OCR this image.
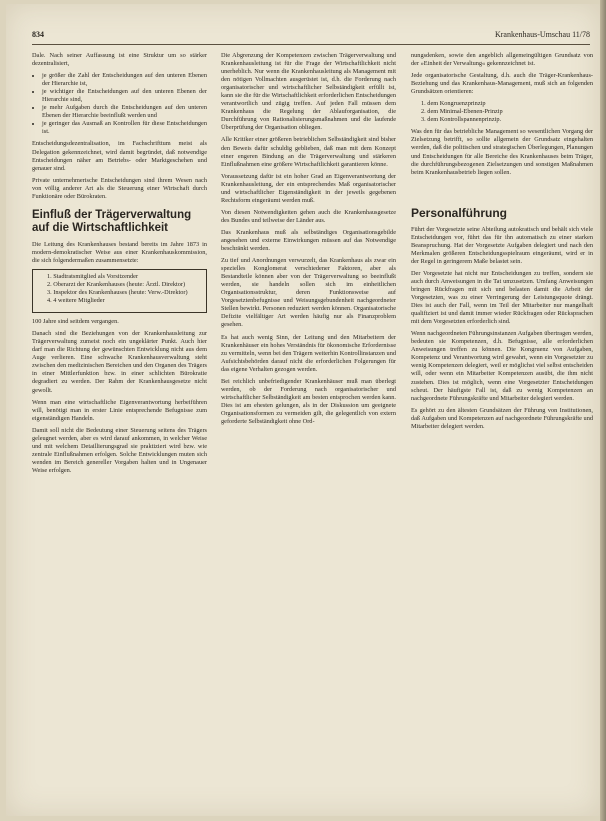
834	Krankenhaus-Umschau 11/78

Dale. Nach seiner Auffassung ist eine Struktur um so stärker dezentralisiert,

• je größer die Zahl der Entscheidungen auf den unteren Ebenen der Hierarchie ist,
• je wichtiger die Entscheidungen auf den unteren Ebenen der Hierarchie sind,
• je mehr Aufgaben durch die Entscheidungen auf den unteren Ebenen der Hierarchie beeinflußt werden und
• je geringer das Ausmaß an Kontrollen für diese Entscheidungen ist.

Entscheidungsdezentralisation, im Fachschrifttum meist als Delegation gekennzeichnet, wird damit begründet, daß notwendige Entscheidungen näher am Betriebs- oder Marktgeschehen und genauer sind.

Private unternehmerische Entscheidungen sind ihrem Wesen nach von völlig anderer Art als die Steuerung einer Wirtschaft durch Funktionäre oder Bürokraten.

Einfluß der Trägerverwaltung auf die Wirtschaftlichkeit

Die Leitung des Krankenhauses bestand bereits im Jahre 1873 in modern-demokratischer Weise aus einer Krankenhauskommission, die sich folgendermaßen zusammensetzte:

1. Stadtratsmitglied als Vorsitzender
2. Oberarzt der Krankenhauses (heute: Ärztl. Direktor)
3. Inspektor des Krankenhauses (heute: Verw.-Direktor)
4. 4 weitere Mitglieder

100 Jahre sind seitdem vergangen.

Danach sind die Beziehungen von der Krankenhausleitung zur Trägerverwaltung zumeist noch ein ungeklärter Punkt. Auch hier darf man die Richtung der gewünschten Entwicklung nicht aus dem Auge verlieren. Eine schwache Krankenhausverwaltung steht zwischen den medizinischen Bereichen und den Organen des Trägers in einer Mittlerfunktion bzw. in einer schlichten Bürokratie degradiert zu werden. Der Rahm der Krankenhausgesetze nicht gewollt.

Wenn man eine wirtschaftliche Eigenverantwortung herbeiführen will, benötigt man in erster Linie entsprechende Befugnisse zum eigenständigen Handeln.

Damit soll nicht die Bedeutung einer Steuerung seitens des Trägers geleugnet werden, aber es wird darauf ankommen, in welcher Weise und mit welchem Detaillierungsgrad sie praktiziert wird bzw. wie zentrale Einflußnahmen erfolgen. Solche Entwicklungen muten sich wenden im Bereich genereller Vorgaben halten und in Ungenauer Weise erfolgen.

Die Abgrenzung der Kompetenzen zwischen Trägerverwaltung und Krankenhausleitung ist für die Frage der Wirtschaftlichkeit nicht unerheblich. Nur wenn die Krankenhausleitung als Management mit den nötigen Vollmachten ausgerüstet ist, d.h. die Forderung nach organisatorischer und wirtschaftlicher Selbständigkeit erfüllt ist, kann sie die für die Wirtschaftlichkeit erforderlichen Entscheidungen verantwortlich und zügig treffen. Auf jeden Fall müssen dem Krankenhaus die Regelung der Ablauforganisation, die Durchführung von Rationalisierungsmaßnahmen und die laufende Überprüfung der Organisation obliegen.

Alle Kritiker einer größeren betrieblichen Selbständigkeit sind bisher den Beweis dafür schuldig geblieben, daß man mit dem Konzept einer engeren Bindung an die Trägerverwaltung und stärkeren Einflußnahmen eine größere Wirtschaftlichkeit garantieren könne.

Voraussetzung dafür ist ein hoher Grad an Eigenverantwortung der Krankenhausleitung, der ein entsprechendes Maß organisatorischer und wirtschaftlicher Eigenständigkeit in der jeweils gegebenen Rechtsform eingeräumt werden muß.

Von diesen Notwendigkeiten gehen auch die Krankenhausgesetze des Bundes und teilweise der Länder aus.

Das Krankenhaus muß als selbständiges Organisationsgebilde angesehen und externe Einwirkungen müssen auf das Notwendige beschränkt werden.

Zu tief und Anordnungen verwurzelt, das Krankenhaus als zwar ein spezielles Konglomerat verschiedener Faktoren, aber als Bestandteile können aber von der Trägerverwaltung so beeinflußt werden, sie handeln sollen sich im einheitlichen Organisationsstruktur, deren Funktionsweise auf Vorgesetztenbefugnisse und Weisungsgebundenheit nachgeordneter Stellen bewirkt. Personen reduziert werden können. Organisatorische Defizite vielfältiger Art werden häufig nur als Finanzproblem gesehen.

Es hat auch wenig Sinn, der Leitung und den Mitarbeitern der Krankenhäuser ein hohes Verständnis für ökonomische Erfordernisse zu vermitteln, wenn bei den Trägern weiterhin Kontrollinstanzen und Aufsichtsbehörden darauf nicht die erforderlichen Folgerungen für das eigene Verhalten gezogen werden.

Bei reichlich unbefriedigender Krankenhäuser muß man überlegt werden, ob der Forderung nach organisatorischer und wirtschaftlicher Selbständigkeit am besten entsprochen werden kann. Dies ist am ehesten gelungen, als in der Diskussion um geeignete Organisationsformen zu vermeiden gilt, die gelegentlich von extern geforderte Selbständigkeit ohne Ord-

nungsdenken, sowie den angeblich allgemeingültigen Grundsatz von der »Einheit der Verwaltung« gekennzeichnet ist.

Jede organisatorische Gestaltung, d.h. auch die Träger-Krankenhaus-Beziehung und das Krankenhaus-Management, muß sich an folgenden Grundsätzen orientieren:

1. dem Kongruenzprinzip
2. dem Minimal-Ebenen-Prinzip
3. dem Kontrollspannenprinzip.

Was den für das betriebliche Management so wesentlichen Vorgang der Zielsetzung betrifft, so sollte allgemein der Grundsatz eingehalten werden, daß die politischen und strategischen Überlegungen, Planungen und Entscheidungen für alle Bereiche des Krankenhauses beim Träger, die durchführungsbezogenen Zielsetzungen und sonstigen Maßnahmen beim Krankenhausbetrieb liegen sollen.

Personalführung

Führt der Vorgesetzte seine Abteilung autokratisch und behält sich viele Entscheidungen vor, führt das für ihn automatisch zu einer starken Beanspruchung. Hat der Vorgesetzte Aufgaben delegiert und nach den Merkmalen größeren Entscheidungsspielraum eingeräumt, wird er in der Regel in geringerem Maße belastet sein.

Der Vorgesetzte hat nicht nur Entscheidungen zu treffen, sondern sie auch durch Anweisungen in die Tat umzusetzen. Umfang Anweisungen bringen Rückfragen mit sich und belasten damit die Arbeit der Vorgesetzten, was zu einer Verringerung der Leistungsquote drängt. Dies ist auch der Fall, wenn im Teil der Mitarbeiter nur mangelhaft qualifiziert ist und damit immer wieder Rückfragen oder Rücksprachen mit dem Vorgesetzten erforderlich sind.

Wenn nachgeordneten Führungsinstanzen Aufgaben übertragen werden, bedeuten sie Kompetenzen, d.h. Befugnisse, alle erforderlichen Anweisungen treffen zu können. Die Kongruenz von Aufgaben, Kompetenz und Verantwortung wird gewahrt, wenn ein Vorgesetzter zu wenig Kompetenzen delegiert, weil er möglichst viel selbst entscheiden will, oder wenn ein Mitarbeiter Kompetenzen ausübt, die ihm nicht zustehen. Dies ist möglich, wenn eine Vorgesetzter Entscheidungen scheut. Der häufigste Fall ist, daß zu wenig Kompetenzen an nachgeordnete Führungskräfte und Mitarbeiter delegiert werden.

Es gehört zu den ältesten Grundsätzen der Führung von Institutionen, daß Aufgaben und Kompetenzen auf nachgeordnete Führungskräfte und Mitarbeiter delegiert werden.
